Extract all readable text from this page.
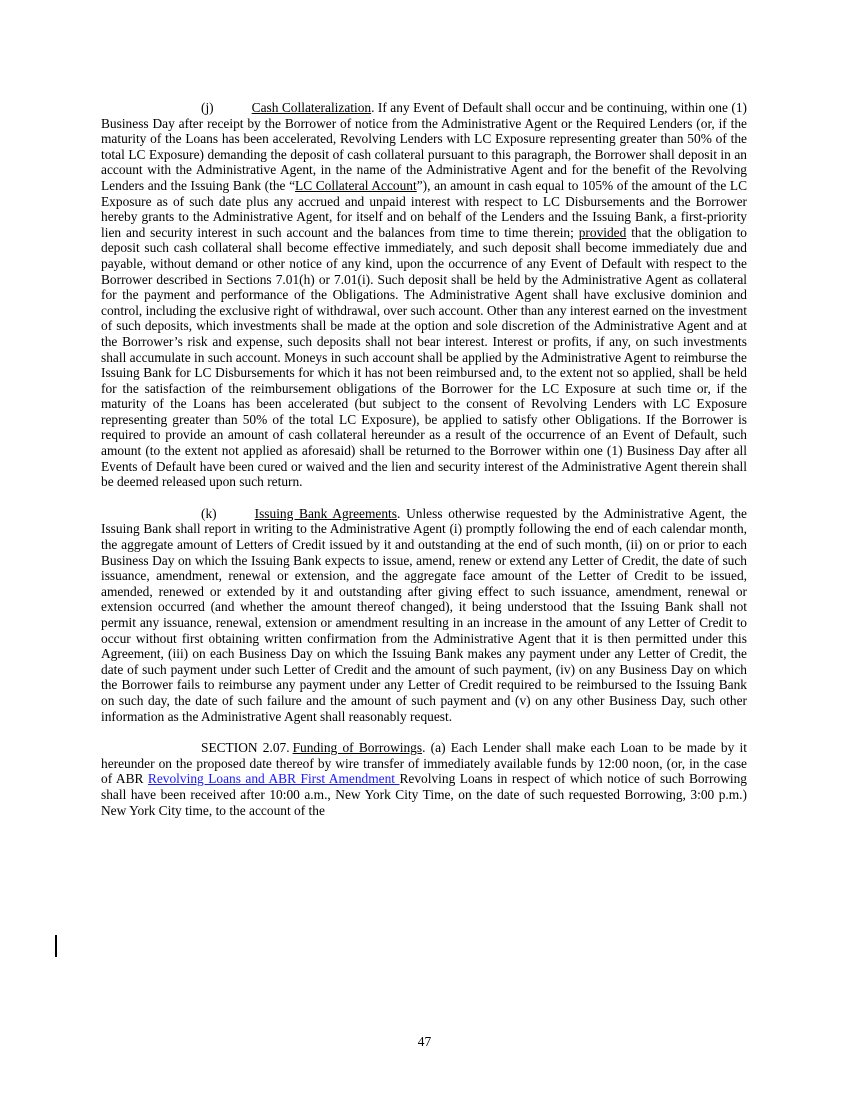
(j)	Cash Collateralization. If any Event of Default shall occur and be continuing, within one (1) Business Day after receipt by the Borrower of notice from the Administrative Agent or the Required Lenders (or, if the maturity of the Loans has been accelerated, Revolving Lenders with LC Exposure representing greater than 50% of the total LC Exposure) demanding the deposit of cash collateral pursuant to this paragraph, the Borrower shall deposit in an account with the Administrative Agent, in the name of the Administrative Agent and for the benefit of the Revolving Lenders and the Issuing Bank (the “LC Collateral Account”), an amount in cash equal to 105% of the amount of the LC Exposure as of such date plus any accrued and unpaid interest with respect to LC Disbursements and the Borrower hereby grants to the Administrative Agent, for itself and on behalf of the Lenders and the Issuing Bank, a first-priority lien and security interest in such account and the balances from time to time therein; provided that the obligation to deposit such cash collateral shall become effective immediately, and such deposit shall become immediately due and payable, without demand or other notice of any kind, upon the occurrence of any Event of Default with respect to the Borrower described in Sections 7.01(h) or 7.01(i). Such deposit shall be held by the Administrative Agent as collateral for the payment and performance of the Obligations. The Administrative Agent shall have exclusive dominion and control, including the exclusive right of withdrawal, over such account. Other than any interest earned on the investment of such deposits, which investments shall be made at the option and sole discretion of the Administrative Agent and at the Borrower’s risk and expense, such deposits shall not bear interest. Interest or profits, if any, on such investments shall accumulate in such account. Moneys in such account shall be applied by the Administrative Agent to reimburse the Issuing Bank for LC Disbursements for which it has not been reimbursed and, to the extent not so applied, shall be held for the satisfaction of the reimbursement obligations of the Borrower for the LC Exposure at such time or, if the maturity of the Loans has been accelerated (but subject to the consent of Revolving Lenders with LC Exposure representing greater than 50% of the total LC Exposure), be applied to satisfy other Obligations. If the Borrower is required to provide an amount of cash collateral hereunder as a result of the occurrence of an Event of Default, such amount (to the extent not applied as aforesaid) shall be returned to the Borrower within one (1) Business Day after all Events of Default have been cured or waived and the lien and security interest of the Administrative Agent therein shall be deemed released upon such return.

(k)	Issuing Bank Agreements. Unless otherwise requested by the Administrative Agent, the Issuing Bank shall report in writing to the Administrative Agent (i) promptly following the end of each calendar month, the aggregate amount of Letters of Credit issued by it and outstanding at the end of such month, (ii) on or prior to each Business Day on which the Issuing Bank expects to issue, amend, renew or extend any Letter of Credit, the date of such issuance, amendment, renewal or extension, and the aggregate face amount of the Letter of Credit to be issued, amended, renewed or extended by it and outstanding after giving effect to such issuance, amendment, renewal or extension occurred (and whether the amount thereof changed), it being understood that the Issuing Bank shall not permit any issuance, renewal, extension or amendment resulting in an increase in the amount of any Letter of Credit to occur without first obtaining written confirmation from the Administrative Agent that it is then permitted under this Agreement, (iii) on each Business Day on which the Issuing Bank makes any payment under any Letter of Credit, the date of such payment under such Letter of Credit and the amount of such payment, (iv) on any Business Day on which the Borrower fails to reimburse any payment under any Letter of Credit required to be reimbursed to the Issuing Bank on such day, the date of such failure and the amount of such payment and (v) on any other Business Day, such other information as the Administrative Agent shall reasonably request.

SECTION 2.07. Funding of Borrowings. (a) Each Lender shall make each Loan to be made by it hereunder on the proposed date thereof by wire transfer of immediately available funds by 12:00 noon, (or, in the case of ABR Revolving Loans and ABR First Amendment Revolving Loans in respect of which notice of such Borrowing shall have been received after 10:00 a.m., New York City Time, on the date of such requested Borrowing, 3:00 p.m.) New York City time, to the account of the

47
